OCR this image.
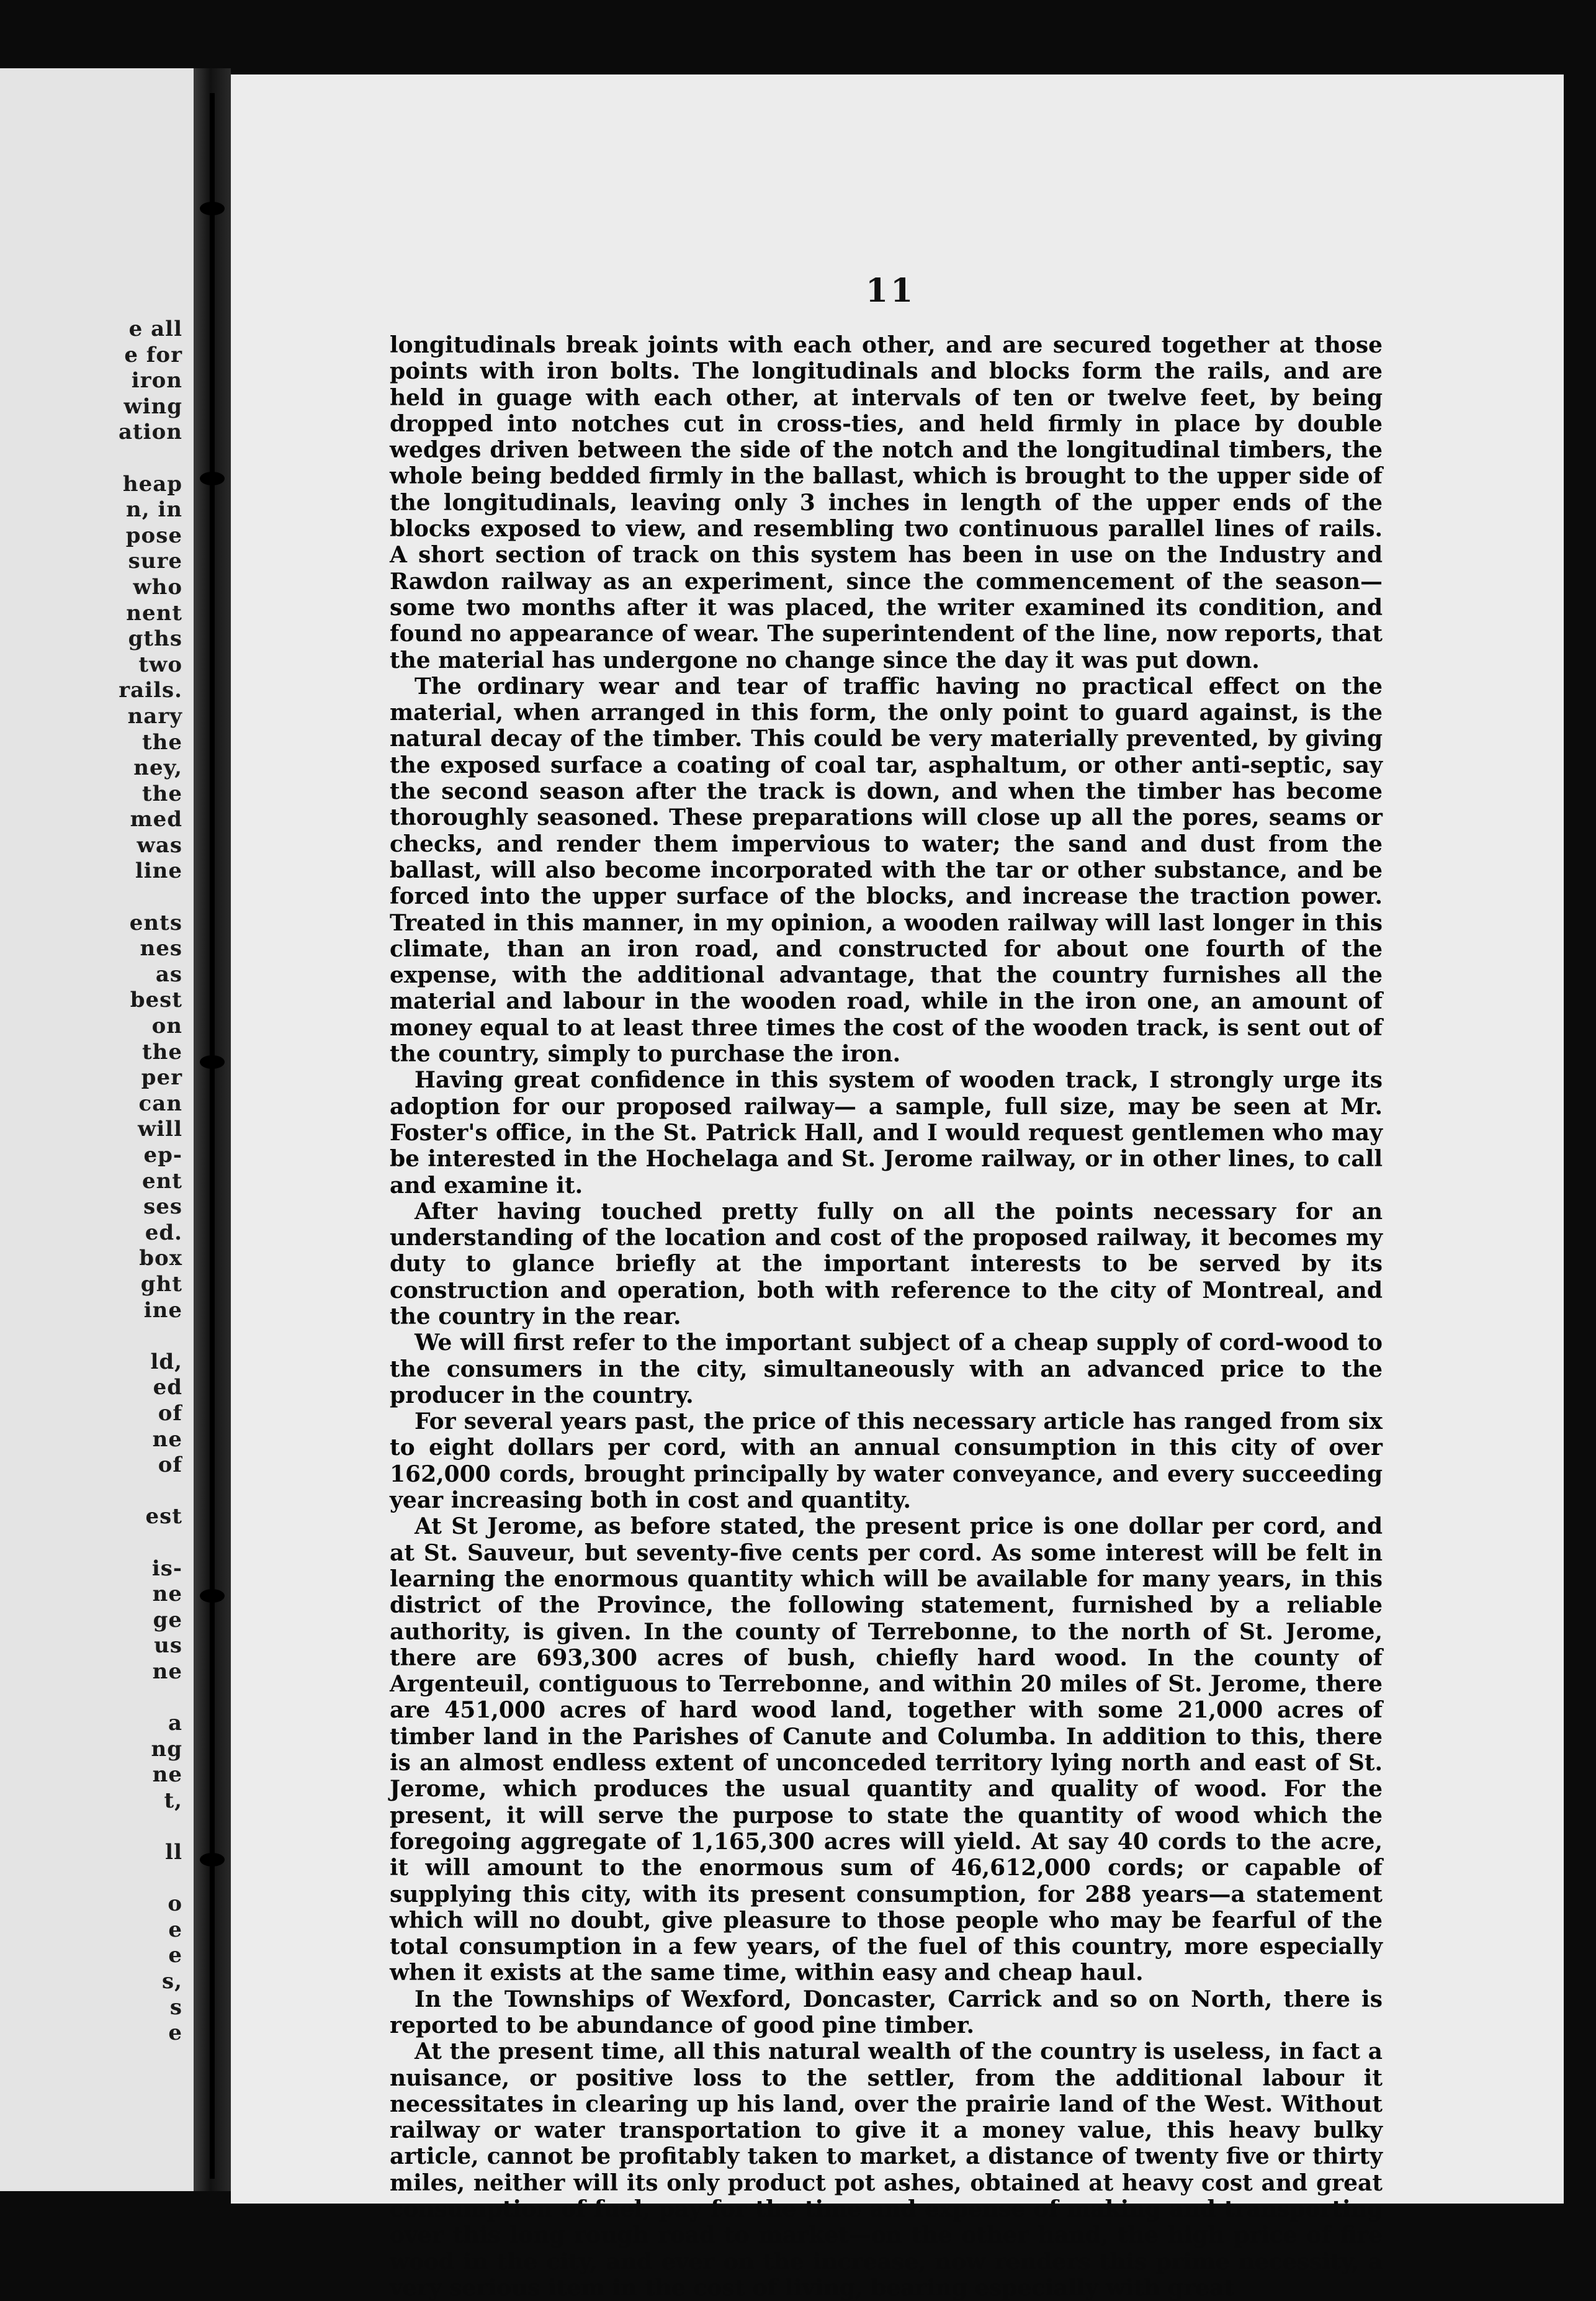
e all
e for
iron
wing
ation
heap
n, in
pose
sure
who
nent
gths
two
rails.
nary
the
ney,
the
med
was
line
ents
nes
as
best
on
the
per
can
will
ep-
ent
ses
ed.
box
ght
ine
ld,
ed
of
ne
of
est
is-
ne
ge
us
ne
a
ng
ne
t,
ll
o
e
e
s,
s
e
11

longitudinals break joints with each other, and are secured together at those points with iron bolts. The longitudinals and blocks form the rails, and are held in guage with each other, at intervals of ten or twelve feet, by being dropped into notches cut in cross-ties, and held firmly in place by double wedges driven between the side of the notch and the longitudinal timbers, the whole being bedded firmly in the ballast, which is brought to the upper side of the longitudinals, leaving only 3 inches in length of the upper ends of the blocks exposed to view, and resembling two continuous parallel lines of rails. A short section of track on this system has been in use on the Industry and Rawdon railway as an experiment, since the commencement of the season—some two months after it was placed, the writer examined its condition, and found no appearance of wear. The superintendent of the line, now reports, that the material has undergone no change since the day it was put down.

The ordinary wear and tear of traffic having no practical effect on the material, when arranged in this form, the only point to guard against, is the natural decay of the timber. This could be very materially prevented, by giving the exposed surface a coating of coal tar, asphaltum, or other anti-septic, say the second season after the track is down, and when the timber has become thoroughly seasoned. These preparations will close up all the pores, seams or checks, and render them impervious to water; the sand and dust from the ballast, will also become incorporated with the tar or other substance, and be forced into the upper surface of the blocks, and increase the traction power. Treated in this manner, in my opinion, a wooden railway will last longer in this climate, than an iron road, and constructed for about one fourth of the expense, with the additional advantage, that the country furnishes all the material and labour in the wooden road, while in the iron one, an amount of money equal to at least three times the cost of the wooden track, is sent out of the country, simply to purchase the iron.

Having great confidence in this system of wooden track, I strongly urge its adoption for our proposed railway— a sample, full size, may be seen at Mr. Foster's office, in the St. Patrick Hall, and I would request gentlemen who may be interested in the Hochelaga and St. Jerome railway, or in other lines, to call and examine it.

After having touched pretty fully on all the points necessary for an understanding of the location and cost of the proposed railway, it becomes my duty to glance briefly at the important interests to be served by its construction and operation, both with reference to the city of Montreal, and the country in the rear.

We will first refer to the important subject of a cheap supply of cord-wood to the consumers in the city, simultaneously with an advanced price to the producer in the country.

For several years past, the price of this necessary article has ranged from six to eight dollars per cord, with an annual consumption in this city of over 162,000 cords, brought principally by water conveyance, and every succeeding year increasing both in cost and quantity.

At St Jerome, as before stated, the present price is one dollar per cord, and at St. Sauveur, but seventy-five cents per cord. As some interest will be felt in learning the enormous quantity which will be available for many years, in this district of the Province, the following statement, furnished by a reliable authority, is given. In the county of Terrebonne, to the north of St. Jerome, there are 693,300 acres of bush, chiefly hard wood. In the county of Argenteuil, contiguous to Terrebonne, and within 20 miles of St. Jerome, there are 451,000 acres of hard wood land, together with some 21,000 acres of timber land in the Parishes of Canute and Columba. In addition to this, there is an almost endless extent of unconceded territory lying north and east of St. Jerome, which produces the usual quantity and quality of wood. For the present, it will serve the purpose to state the quantity of wood which the foregoing aggregate of 1,165,300 acres will yield. At say 40 cords to the acre, it will amount to the enormous sum of 46,612,000 cords; or capable of supplying this city, with its present consumption, for 288 years—a statement which will no doubt, give pleasure to those people who may be fearful of the total consumption in a few years, of the fuel of this country, more especially when it exists at the same time, within easy and cheap haul.

In the Townships of Wexford, Doncaster, Carrick and so on North, there is reported to be abundance of good pine timber.

At the present time, all this natural wealth of the country is useless, in fact a nuisance, or positive loss to the settler, from the additional labour it necessitates in clearing up his land, over the prairie land of the West. Without railway or water transportation to give it a money value, this heavy bulky article, cannot be profitably taken to market, a distance of twenty five or thirty miles, neither will its only product pot ashes, obtained at heavy cost and great consumption of fuel, pay for the time and expense of making and transporting over this long rough road to market—on the other hand, the high price of fire wood in the city, and ever on the increase, now renders this prime necessity, a very serious item in the cost of living, bearing especially with great
